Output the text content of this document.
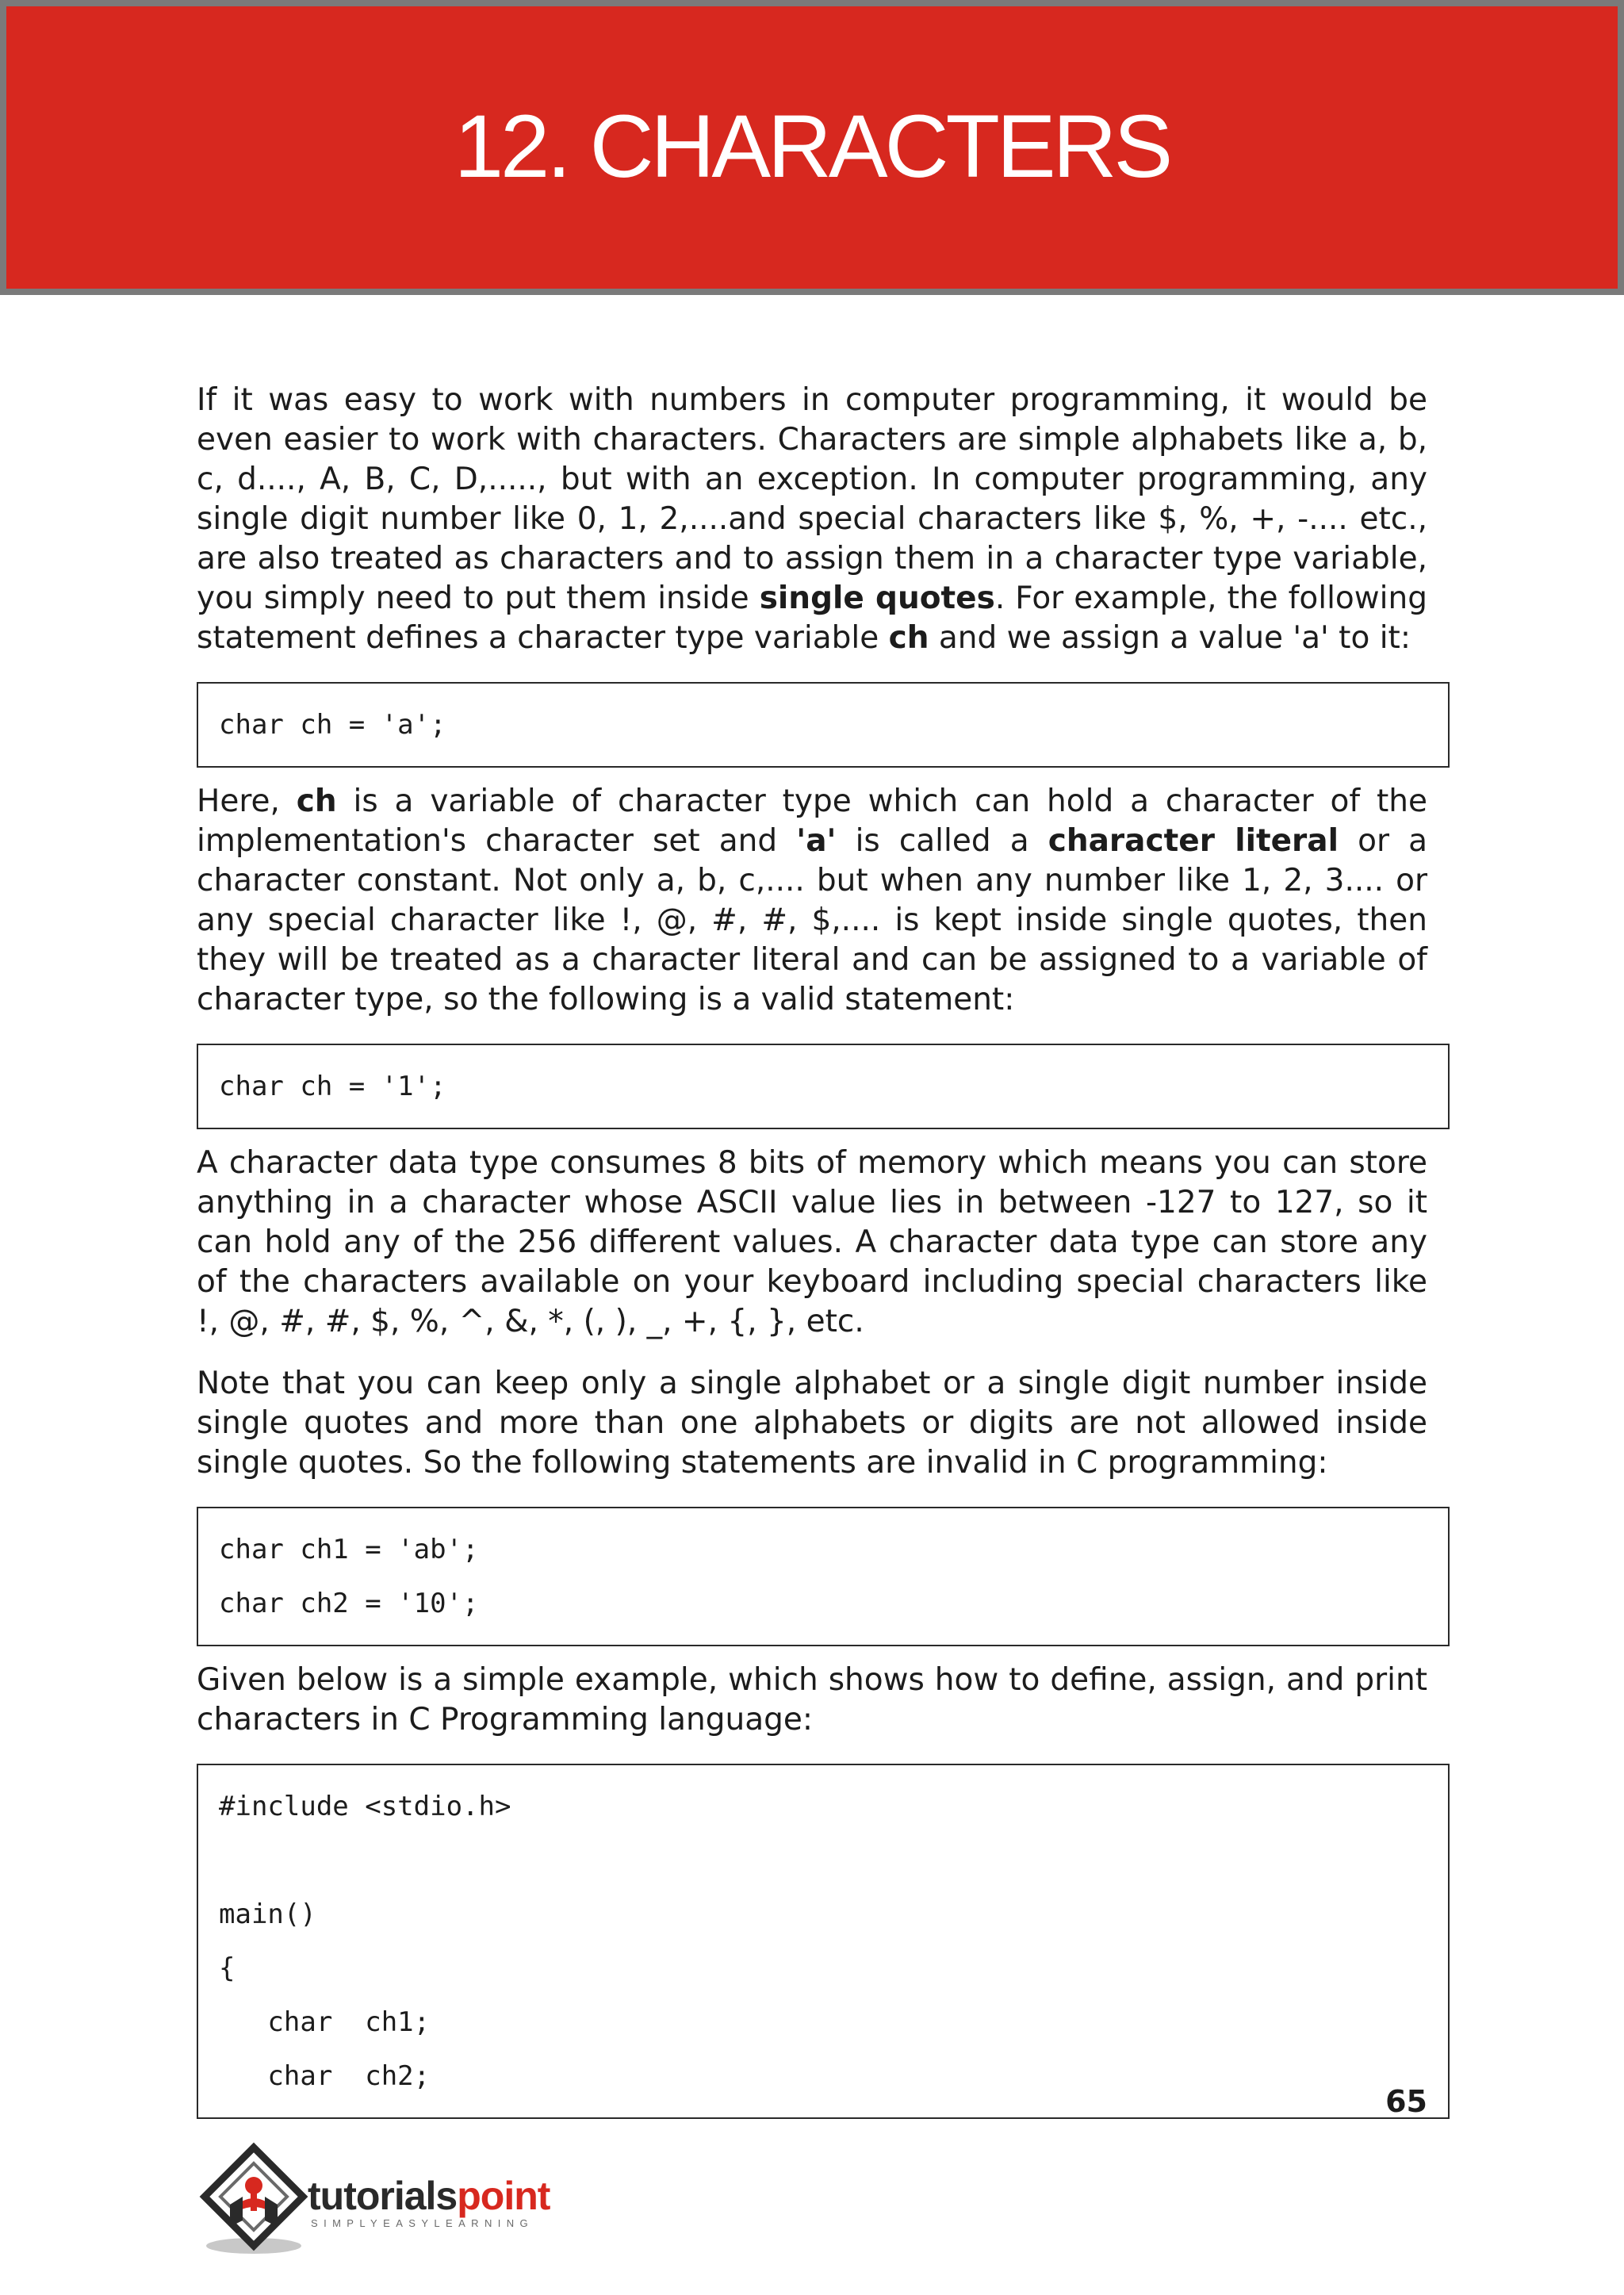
12. CHARACTERS

If it was easy to work with numbers in computer programming, it would be even easier to work with characters. Characters are simple alphabets like a, b, c, d...., A, B, C, D,....., but with an exception. In computer programming, any single digit number like 0, 1, 2,....and special characters like $, %, +, -.... etc., are also treated as characters and to assign them in a character type variable, you simply need to put them inside single quotes. For example, the following statement defines a character type variable ch and we assign a value 'a' to it:

char ch = 'a';

Here, ch is a variable of character type which can hold a character of the implementation's character set and 'a' is called a character literal or a character constant. Not only a, b, c,.... but when any number like 1, 2, 3.... or any special character like !, @, #, #, $,.... is kept inside single quotes, then they will be treated as a character literal and can be assigned to a variable of character type, so the following is a valid statement:

char ch = '1';

A character data type consumes 8 bits of memory which means you can store anything in a character whose ASCII value lies in between -127 to 127, so it can hold any of the 256 different values. A character data type can store any of the characters available on your keyboard including special characters like !, @, #, #, $, %, ^, &, *, (, ), _, +, {, }, etc.

Note that you can keep only a single alphabet or a single digit number inside single quotes and more than one alphabets or digits are not allowed inside single quotes. So the following statements are invalid in C programming:

char ch1 = 'ab';
char ch2 = '10';

Given below is a simple example, which shows how to define, assign, and print characters in C Programming language:

#include <stdio.h>
main()
{
char  ch1;
char  ch2;
65
tutorialspoint
SIMPLYEASYLEARNING
